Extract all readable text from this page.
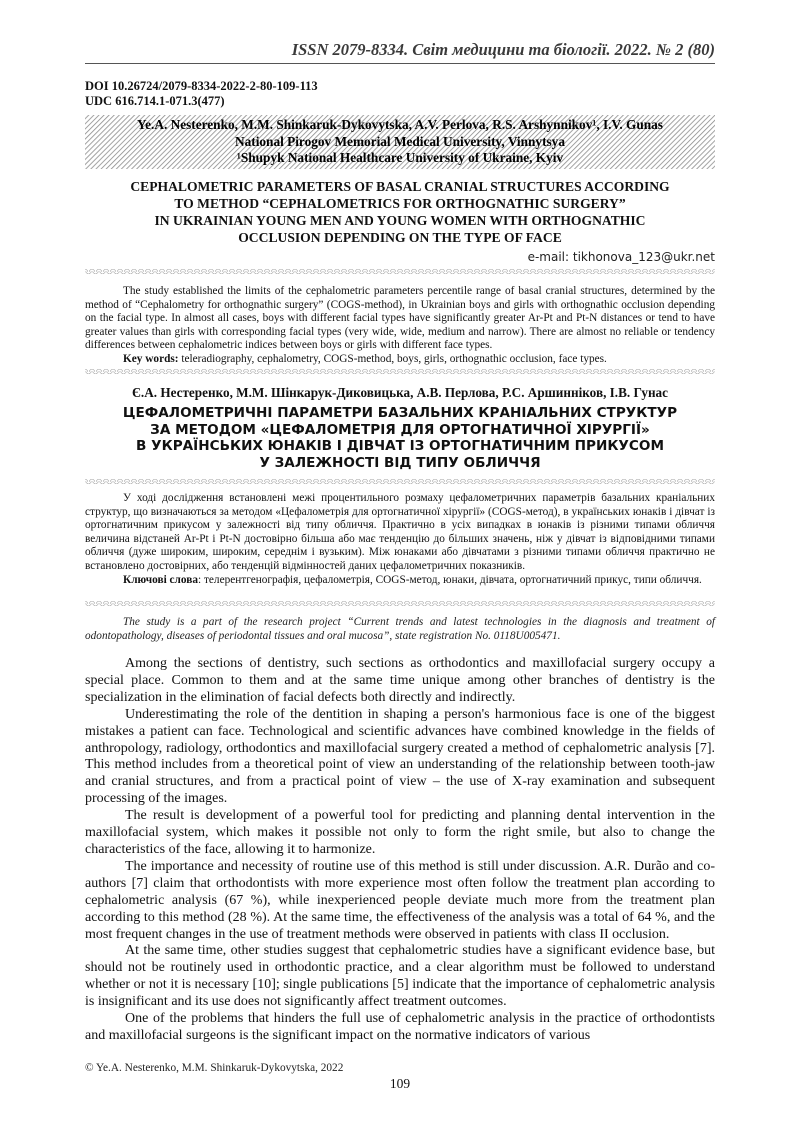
ISSN 2079-8334. Світ медицини та біології. 2022. № 2 (80)
DOI 10.26724/2079-8334-2022-2-80-109-113
UDC 616.714.1-071.3(477)
Ye.A. Nesterenko, M.M. Shinkaruk-Dykovytska, A.V. Perlova, R.S. Arshynnikov¹, I.V. Gunas
National Pirogov Memorial Medical University, Vinnytsya
¹Shupyk National Healthcare University of Ukraine, Kyiv
CEPHALOMETRIC PARAMETERS OF BASAL CRANIAL STRUCTURES ACCORDING
TO METHOD “CEPHALOMETRICS FOR ORTHOGNATHIC SURGERY”
IN UKRAINIAN YOUNG MEN AND YOUNG WOMEN WITH ORTHOGNATHIC
OCCLUSION DEPENDING ON THE TYPE OF FACE
e-mail: tikhonova_123@ukr.net

The study established the limits of the cephalometric parameters percentile range of basal cranial structures, determined by the method of “Cephalometry for orthognathic surgery” (COGS-method), in Ukrainian boys and girls with orthognathic occlusion depending on the facial type. In almost all cases, boys with different facial types have significantly greater Ar-Pt and Pt-N distances or tend to have greater values than girls with corresponding facial types (very wide, wide, medium and narrow). There are almost no reliable or tendency differences between cephalometric indices between boys or girls with different face types.

Key words: teleradiography, cephalometry, COGS-method, boys, girls, orthognathic occlusion, face types.

Є.А. Нестеренко, М.М. Шінкарук-Диковицька, А.В. Перлова, Р.С. Аршинніков, І.В. Гунас
ЦЕФАЛОМЕТРИЧНІ ПАРАМЕТРИ БАЗАЛЬНИХ КРАНІАЛЬНИХ СТРУКТУР
ЗА МЕТОДОМ «ЦЕФАЛОМЕТРІЯ ДЛЯ ОРТОГНАТИЧНОЇ ХІРУРГІЇ»
В УКРАЇНСЬКИХ ЮНАКІВ І ДІВЧАТ ІЗ ОРТОГНАТИЧНИМ ПРИКУСОМ
У ЗАЛЕЖНОСТІ ВІД ТИПУ ОБЛИЧЧЯ

У ході дослідження встановлені межі процентильного розмаху цефалометричних параметрів базальних краніальних структур, що визначаються за методом «Цефалометрія для ортогнатичної хірургії» (COGS-метод), в українських юнаків і дівчат із ортогнатичним прикусом у залежності від типу обличчя. Практично в усіх випадках в юнаків із різними типами обличчя величина відстаней Ar-Pt і Pt-N достовірно більша або має тенденцію до більших значень, ніж у дівчат із відповідними типами обличчя (дуже широким, широким, середнім і вузьким). Між юнаками або дівчатами з різними типами обличчя практично не встановлено достовірних, або тенденцій відмінностей даних цефалометричних показників.

Ключові слова: телерентгенографія, цефалометрія, COGS-метод, юнаки, дівчата, ортогнатичний прикус, типи обличчя.

The study is a part of the research project “Current trends and latest technologies in the diagnosis and treatment of odontopathology, diseases of periodontal tissues and oral mucosa”, state registration No. 0118U005471.

Among the sections of dentistry, such sections as orthodontics and maxillofacial surgery occupy a special place. Common to them and at the same time unique among other branches of dentistry is the specialization in the elimination of facial defects both directly and indirectly.

Underestimating the role of the dentition in shaping a person's harmonious face is one of the biggest mistakes a patient can face. Technological and scientific advances have combined knowledge in the fields of anthropology, radiology, orthodontics and maxillofacial surgery created a method of cephalometric analysis [7]. This method includes from a theoretical point of view an understanding of the relationship between tooth-jaw and cranial structures, and from a practical point of view – the use of X-ray examination and subsequent processing of the images.

The result is development of a powerful tool for predicting and planning dental intervention in the maxillofacial system, which makes it possible not only to form the right smile, but also to change the characteristics of the face, allowing it to harmonize.

The importance and necessity of routine use of this method is still under discussion. A.R. Durão and co-authors [7] claim that orthodontists with more experience most often follow the treatment plan according to cephalometric analysis (67 %), while inexperienced people deviate much more from the treatment plan according to this method (28 %). At the same time, the effectiveness of the analysis was a total of 64 %, and the most frequent changes in the use of treatment methods were observed in patients with class II occlusion.

At the same time, other studies suggest that cephalometric studies have a significant evidence base, but should not be routinely used in orthodontic practice, and a clear algorithm must be followed to understand whether or not it is necessary [10]; single publications [5] indicate that the importance of cephalometric analysis is insignificant and its use does not significantly affect treatment outcomes.

One of the problems that hinders the full use of cephalometric analysis in the practice of orthodontists and maxillofacial surgeons is the significant impact on the normative indicators of various

© Ye.A. Nesterenko, M.M. Shinkaruk-Dykovytska, 2022
109
